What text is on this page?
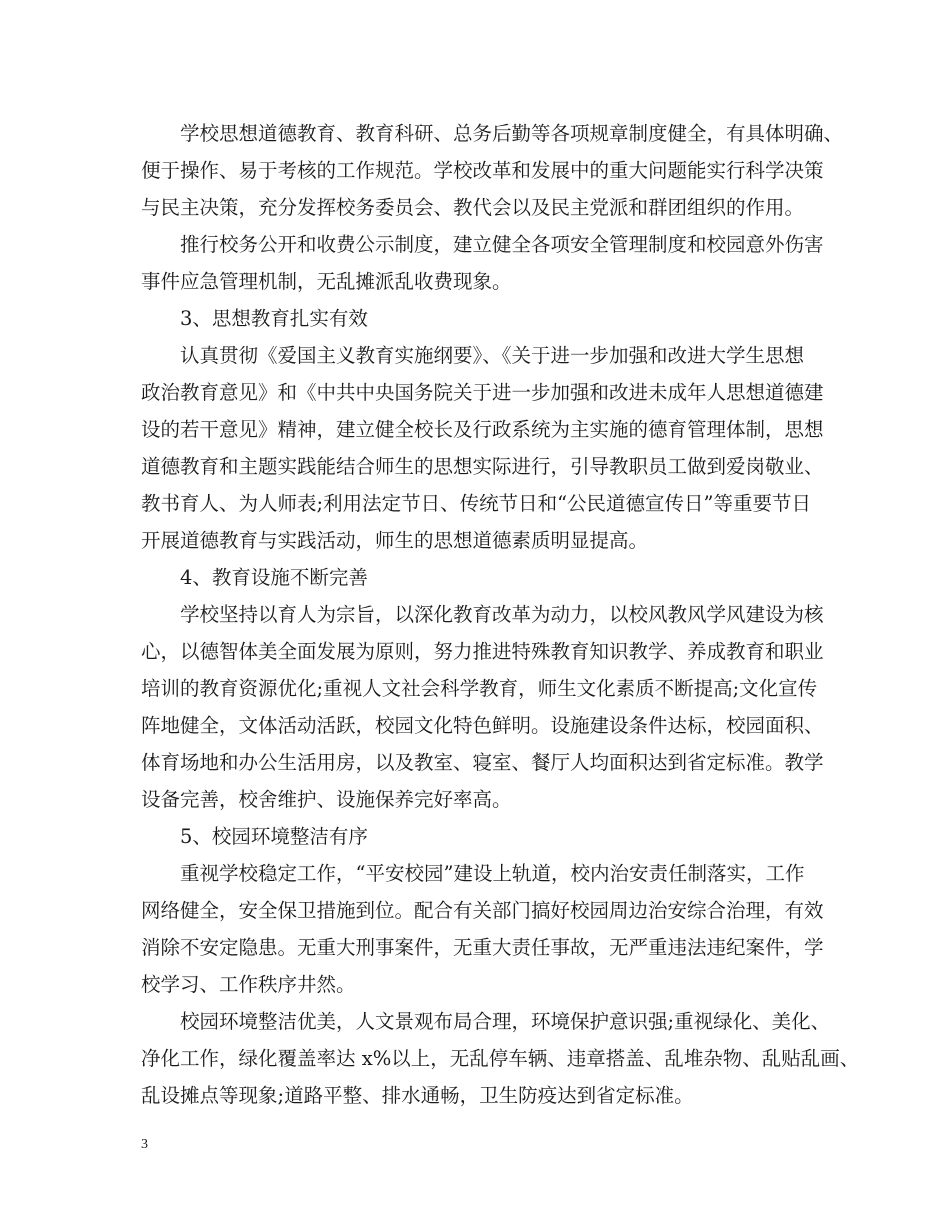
学校思想道德教育、教育科研、总务后勤等各项规章制度健全，有具体明确、
便于操作、易于考核的工作规范。学校改革和发展中的重大问题能实行科学决策
与民主决策，充分发挥校务委员会、教代会以及民主党派和群团组织的作用。
推行校务公开和收费公示制度，建立健全各项安全管理制度和校园意外伤害
事件应急管理机制，无乱摊派乱收费现象。
3、思想教育扎实有效
认真贯彻《爱国主义教育实施纲要》、《关于进一步加强和改进大学生思想
政治教育意见》和《中共中央国务院关于进一步加强和改进未成年人思想道德建
设的若干意见》精神，建立健全校长及行政系统为主实施的德育管理体制，思想
道德教育和主题实践能结合师生的思想实际进行，引导教职员工做到爱岗敬业、
教书育人、为人师表;利用法定节日、传统节日和“公民道德宣传日”等重要节日
开展道德教育与实践活动，师生的思想道德素质明显提高。
4、教育设施不断完善
学校坚持以育人为宗旨，以深化教育改革为动力，以校风教风学风建设为核
心，以德智体美全面发展为原则，努力推进特殊教育知识教学、养成教育和职业
培训的教育资源优化;重视人文社会科学教育，师生文化素质不断提高;文化宣传
阵地健全，文体活动活跃，校园文化特色鲜明。设施建设条件达标，校园面积、
体育场地和办公生活用房，以及教室、寝室、餐厅人均面积达到省定标准。教学
设备完善，校舍维护、设施保养完好率高。
5、校园环境整洁有序
重视学校稳定工作，“平安校园”建设上轨道，校内治安责任制落实，工作
网络健全，安全保卫措施到位。配合有关部门搞好校园周边治安综合治理，有效
消除不安定隐患。无重大刑事案件，无重大责任事故，无严重违法违纪案件，学
校学习、工作秩序井然。
校园环境整洁优美，人文景观布局合理，环境保护意识强;重视绿化、美化、
净化工作，绿化覆盖率达 x%以上，无乱停车辆、违章搭盖、乱堆杂物、乱贴乱画、
乱设摊点等现象;道路平整、排水通畅，卫生防疫达到省定标准。
3
